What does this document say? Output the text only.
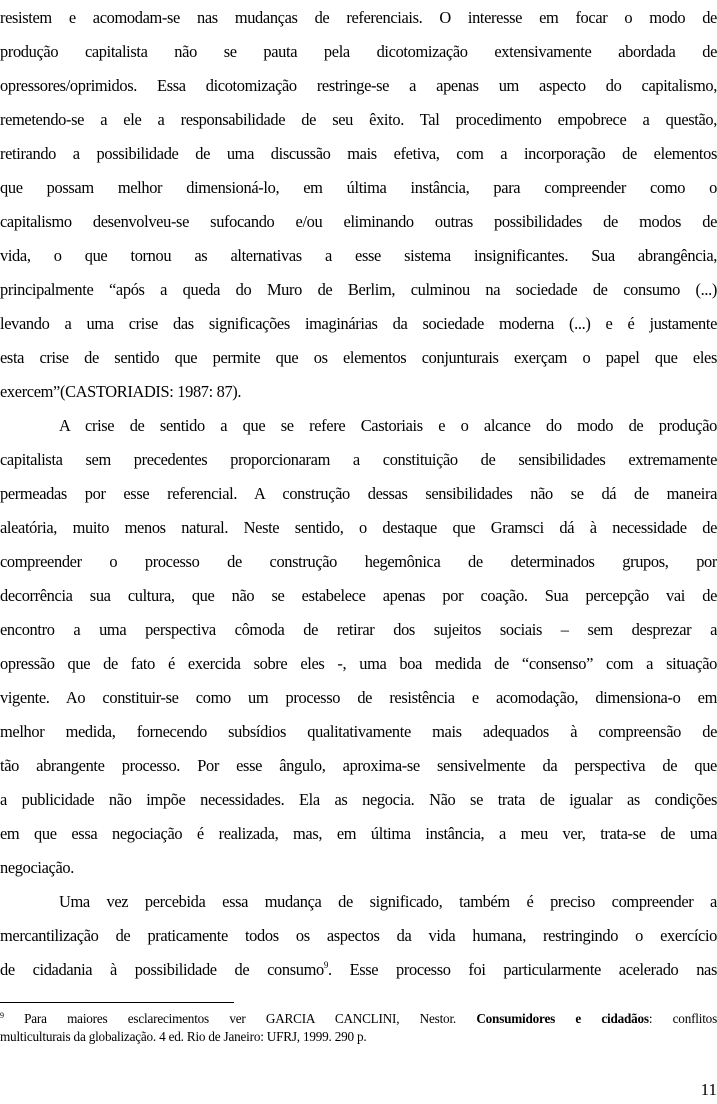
resistem e acomodam-se nas mudanças de referenciais. O interesse em focar o modo de
produção capitalista não se pauta pela dicotomização extensivamente abordada de
opressores/oprimidos. Essa dicotomização restringe-se a apenas um aspecto do capitalismo,
remetendo-se a ele a responsabilidade de seu êxito. Tal procedimento empobrece a questão,
retirando a possibilidade de uma discussão mais efetiva, com a incorporação de elementos
que possam melhor dimensioná-lo, em última instância, para compreender como o
capitalismo desenvolveu-se sufocando e/ou eliminando outras possibilidades de modos de
vida, o que tornou as alternativas a esse sistema insignificantes. Sua abrangência,
principalmente “após a queda do Muro de Berlim, culminou na sociedade de consumo (...)
levando a uma crise das significações imaginárias da sociedade moderna (...) e é justamente
esta crise de sentido que permite que os elementos conjunturais exerçam o papel que eles
exercem”(CASTORIADIS: 1987: 87).
A crise de sentido a que se refere Castoriais e o alcance do modo de produção
capitalista sem precedentes proporcionaram a constituição de sensibilidades extremamente
permeadas por esse referencial. A construção dessas sensibilidades não se dá de maneira
aleatória, muito menos natural. Neste sentido, o destaque que Gramsci dá à necessidade de
compreender o processo de construção hegemônica de determinados grupos, por
decorrência sua cultura, que não se estabelece apenas por coação. Sua percepção vai de
encontro a uma perspectiva cômoda de retirar dos sujeitos sociais – sem desprezar a
opressão que de fato é exercida sobre eles -, uma boa medida de “consenso” com a situação
vigente. Ao constituir-se como um processo de resistência e acomodação, dimensiona-o em
melhor medida, fornecendo subsídios qualitativamente mais adequados à compreensão de
tão abrangente processo. Por esse ângulo, aproxima-se sensivelmente da perspectiva de que
a publicidade não impõe necessidades. Ela as negocia. Não se trata de igualar as condições
em que essa negociação é realizada, mas, em última instância, a meu ver, trata-se de uma
negociação.
Uma vez percebida essa mudança de significado, também é preciso compreender a
mercantilização de praticamente todos os aspectos da vida humana, restringindo o exercício
de cidadania à possibilidade de consumo$^9$. Esse processo foi particularmente acelerado nas
$^9$ Para maiores esclarecimentos ver GARCIA CANCLINI, Nestor. Consumidores e cidadãos: conflitos
multiculturais da globalização. 4 ed. Rio de Janeiro: UFRJ, 1999. 290 p.
11
